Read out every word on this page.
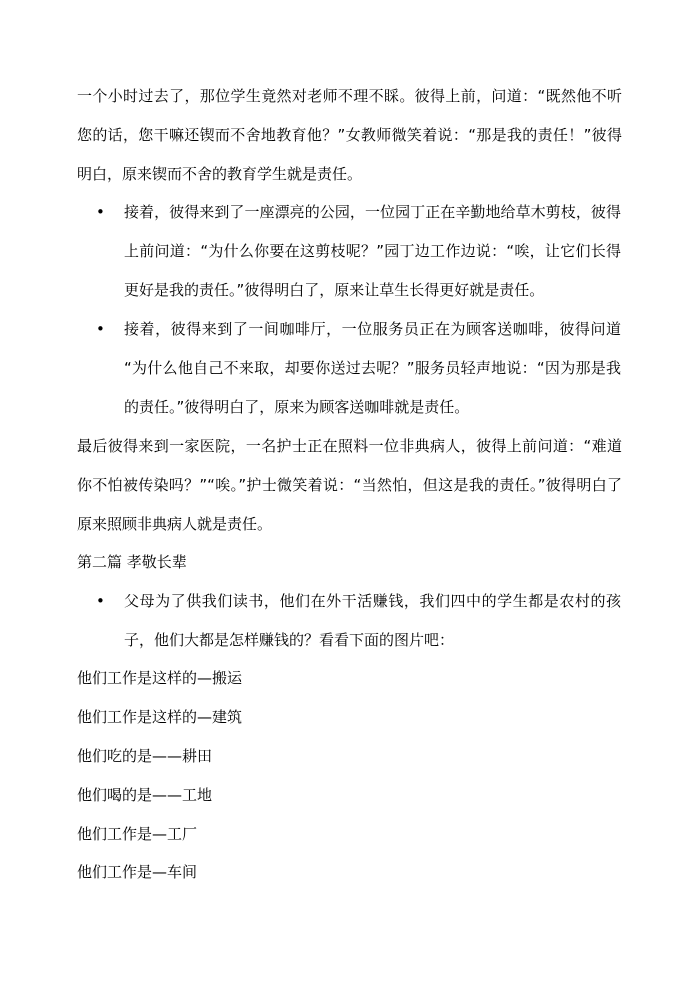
一个小时过去了，那位学生竟然对老师不理不睬。彼得上前，问道：“既然他不听您的话，您干嘛还锲而不舍地教育他？”女教师微笑着说：“那是我的责任！”彼得明白，原来锲而不舍的教育学生就是责任。
•	接着，彼得来到了一座漂亮的公园，一位园丁正在辛勤地给草木剪枝，彼得上前问道：“为什么你要在这剪枝呢？”园丁边工作边说：“唉，让它们长得更好是我的责任。”彼得明白了，原来让草生长得更好就是责任。
•	接着，彼得来到了一间咖啡厅，一位服务员正在为顾客送咖啡，彼得问道 “为什么他自己不来取，却要你送过去呢？”服务员轻声地说：“因为那是我的责任。”彼得明白了，原来为顾客送咖啡就是责任。
最后彼得来到一家医院，一名护士正在照料一位非典病人，彼得上前问道：“难道你不怕被传染吗？”“唉。”护士微笑着说：“当然怕，但这是我的责任。”彼得明白了原来照顾非典病人就是责任。
第二篇 孝敬长辈
•	父母为了供我们读书，他们在外干活赚钱，我们四中的学生都是农村的孩子，他们大都是怎样赚钱的？看看下面的图片吧：
他们工作是这样的—搬运
他们工作是这样的—建筑
他们吃的是——耕田
他们喝的是——工地
他们工作是—工厂
他们工作是—车间
